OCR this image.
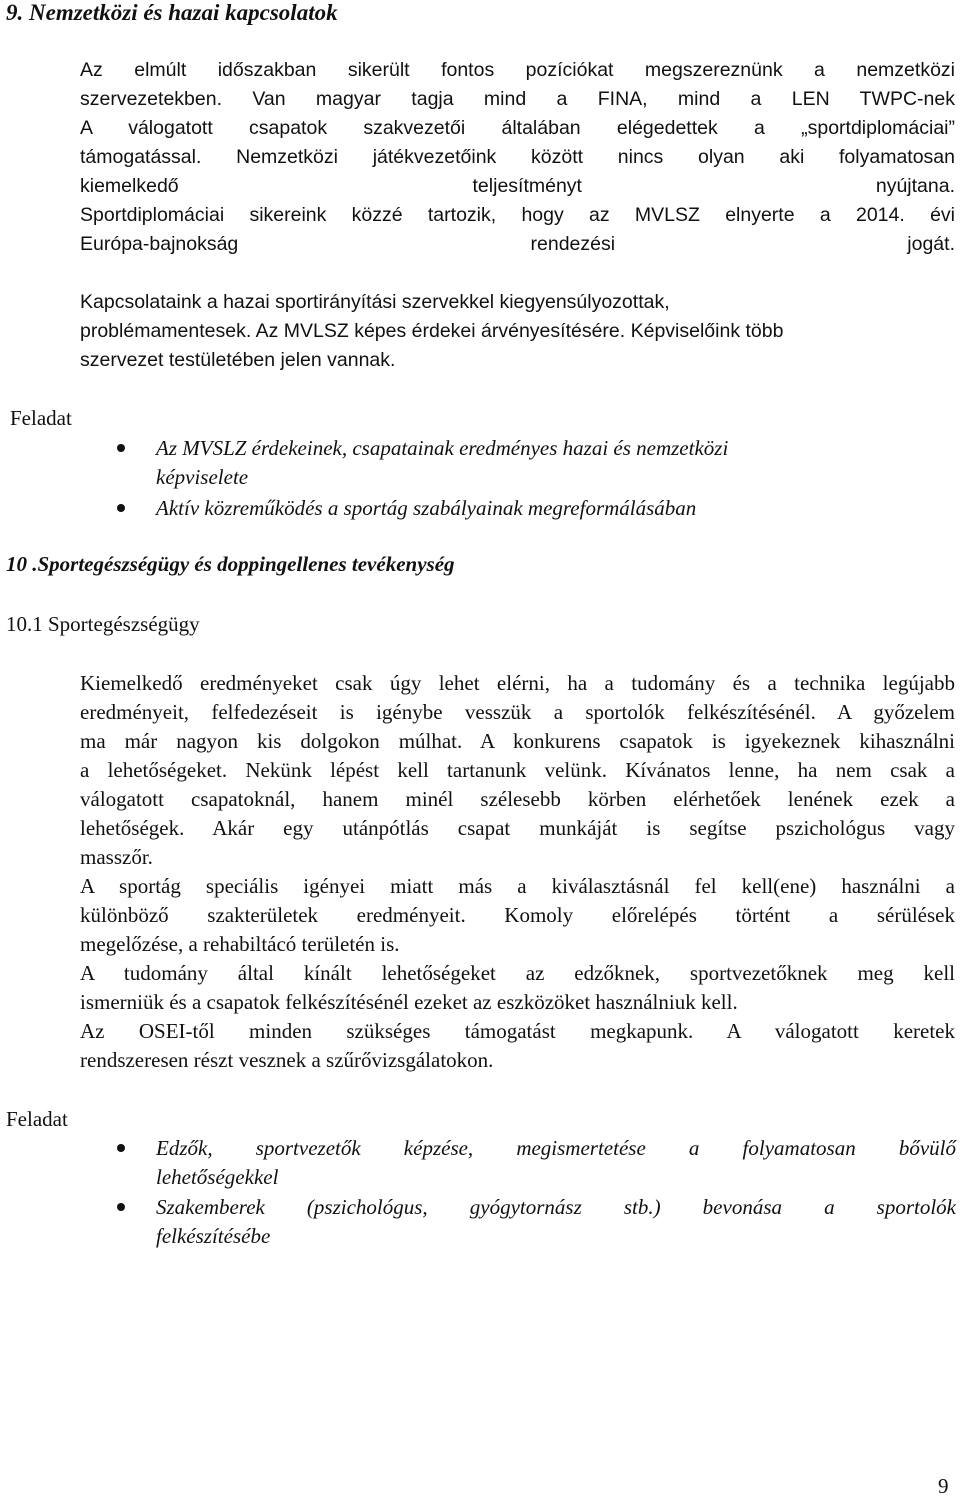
9. Nemzetközi és hazai kapcsolatok
Az elmúlt időszakban sikerült fontos pozíciókat megszereznünk a nemzetközi
szervezetekben. Van magyar tagja mind a FINA, mind a LEN TWPC-nek
A válogatott csapatok szakvezetői általában elégedettek a „sportdiplomáciai”
támogatással. Nemzetközi játékvezetőink között nincs olyan aki folyamatosan
kiemelkedő teljesítményt nyújtana.
Sportdiplomáciai sikereink közzé tartozik, hogy az MVLSZ elnyerte a 2014. évi
Európa-bajnokság rendezési jogát.
Kapcsolataink a hazai sportirányítási szervekkel kiegyensúlyozottak,
problémamentesek. Az MVLSZ képes érdekei árvényesítésére. Képviselőink több
szervezet testületében jelen vannak.
Feladat
Az MVSLZ érdekeinek, csapatainak eredményes hazai és nemzetközi
képviselete
Aktív közreműködés a sportág szabályainak megreformálásában
10 .Sportegészségügy és doppingellenes tevékenység
10.1 Sportegészségügy
Kiemelkedő eredményeket csak úgy lehet elérni, ha a tudomány és a technika legújabb
eredményeit, felfedezéseit is igénybe vesszük a sportolók felkészítésénél. A győzelem
ma már nagyon kis dolgokon múlhat. A konkurens csapatok is igyekeznek kihasználni
a lehetőségeket. Nekünk lépést kell tartanunk velünk. Kívánatos lenne, ha nem csak a
válogatott csapatoknál, hanem minél szélesebb körben elérhetőek lenének ezek a
lehetőségek. Akár egy utánpótlás csapat munkáját is segítse pszichológus vagy
masszőr.
A sportág speciális igényei miatt más a kiválasztásnál fel kell(ene) használni a
különböző szakterületek eredményeit. Komoly előrelépés történt a sérülések
megelőzése, a rehabiltácó területén is.
A tudomány által kínált lehetőségeket az edzőknek, sportvezetőknek meg kell
ismerniük és a csapatok felkészítésénél ezeket az eszközöket használniuk kell.
Az OSEI-től minden szükséges támogatást megkapunk. A válogatott keretek
rendszeresen részt vesznek a szűrővizsgálatokon.
Feladat
Edzők, sportvezetők képzése, megismertetése a folyamatosan bővülő
lehetőségekkel
Szakemberek (pszichológus, gyógytornász stb.) bevonása a sportolók
felkészítésébe
9
